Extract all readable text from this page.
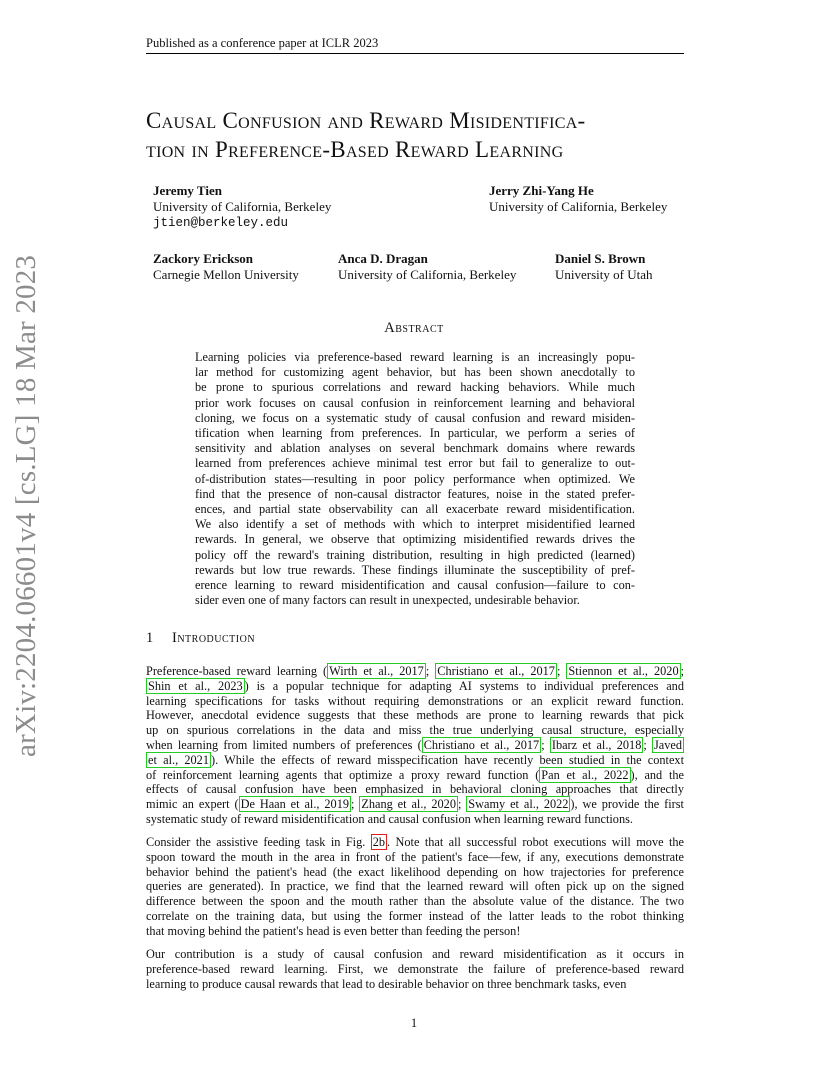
Published as a conference paper at ICLR 2023
arXiv:2204.06601v4 [cs.LG] 18 Mar 2023
Causal Confusion and Reward Misidentifica-
tion in Preference-Based Reward Learning
Jeremy Tien
University of California, Berkeley
jtien@berkeley.edu
Jerry Zhi-Yang He
University of California, Berkeley
Zackory Erickson
Carnegie Mellon University
Anca D. Dragan
University of California, Berkeley
Daniel S. Brown
University of Utah
Abstract
Learning policies via preference-based reward learning is an increasingly popu-
lar method for customizing agent behavior, but has been shown anecdotally to
be prone to spurious correlations and reward hacking behaviors. While much
prior work focuses on causal confusion in reinforcement learning and behavioral
cloning, we focus on a systematic study of causal confusion and reward misiden-
tification when learning from preferences. In particular, we perform a series of
sensitivity and ablation analyses on several benchmark domains where rewards
learned from preferences achieve minimal test error but fail to generalize to out-
of-distribution states—resulting in poor policy performance when optimized. We
find that the presence of non-causal distractor features, noise in the stated prefer-
ences, and partial state observability can all exacerbate reward misidentification.
We also identify a set of methods with which to interpret misidentified learned
rewards. In general, we observe that optimizing misidentified rewards drives the
policy off the reward's training distribution, resulting in high predicted (learned)
rewards but low true rewards. These findings illuminate the susceptibility of pref-
erence learning to reward misidentification and causal confusion—failure to con-
sider even one of many factors can result in unexpected, undesirable behavior.
1 Introduction
Preference-based reward learning ( Wirth et al., 2017 ; Christiano et al., 2017 ; Stiennon et al., 2020 ;
Shin et al., 2023 ) is a popular technique for adapting AI systems to individual preferences and
learning specifications for tasks without requiring demonstrations or an explicit reward function.
However, anecdotal evidence suggests that these methods are prone to learning rewards that pick
up on spurious correlations in the data and miss the true underlying causal structure, especially
when learning from limited numbers of preferences ( Christiano et al., 2017 ; Ibarz et al., 2018 ; Javed
et al., 2021 ). While the effects of reward misspecification have recently been studied in the context
of reinforcement learning agents that optimize a proxy reward function ( Pan et al., 2022 ), and the
effects of causal confusion have been emphasized in behavioral cloning approaches that directly
mimic an expert ( De Haan et al., 2019 ; Zhang et al., 2020 ; Swamy et al., 2022 ), we provide the first
systematic study of reward misidentification and causal confusion when learning reward functions.
Consider the assistive feeding task in Fig. 2b . Note that all successful robot executions will move the
spoon toward the mouth in the area in front of the patient's face—few, if any, executions demonstrate
behavior behind the patient's head (the exact likelihood depending on how trajectories for preference
queries are generated). In practice, we find that the learned reward will often pick up on the signed
difference between the spoon and the mouth rather than the absolute value of the distance. The two
correlate on the training data, but using the former instead of the latter leads to the robot thinking
that moving behind the patient's head is even better than feeding the person!
Our contribution is a study of causal confusion and reward misidentification as it occurs in
preference-based reward learning. First, we demonstrate the failure of preference-based reward
learning to produce causal rewards that lead to desirable behavior on three benchmark tasks, even
1
